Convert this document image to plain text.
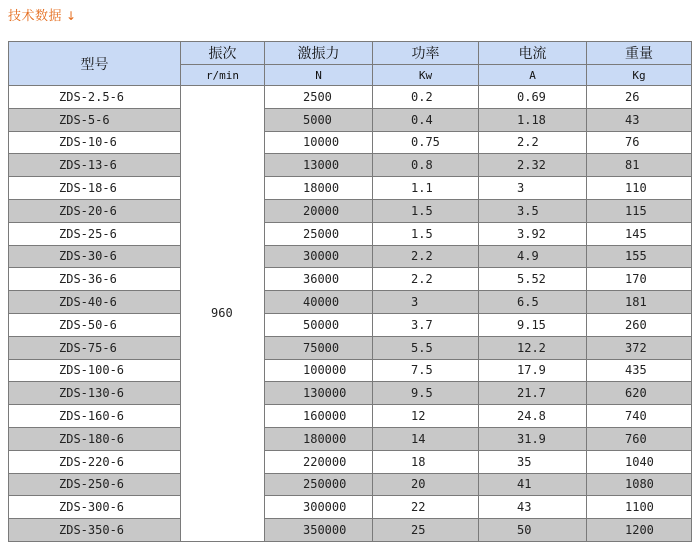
技术数据 ↓
型号	振次	激振力	功率	电流	重量
	r/min	N	Kw	A	Kg
ZDS-2.5-6	960	2500	0.2	0.69	26
ZDS-5-6		5000	0.4	1.18	43
ZDS-10-6		10000	0.75	2.2	76
ZDS-13-6		13000	0.8	2.32	81
ZDS-18-6		18000	1.1	3	110
ZDS-20-6		20000	1.5	3.5	115
ZDS-25-6		25000	1.5	3.92	145
ZDS-30-6		30000	2.2	4.9	155
ZDS-36-6		36000	2.2	5.52	170
ZDS-40-6		40000	3	6.5	181
ZDS-50-6		50000	3.7	9.15	260
ZDS-75-6		75000	5.5	12.2	372
ZDS-100-6		100000	7.5	17.9	435
ZDS-130-6		130000	9.5	21.7	620
ZDS-160-6		160000	12	24.8	740
ZDS-180-6		180000	14	31.9	760
ZDS-220-6		220000	18	35	1040
ZDS-250-6		250000	20	41	1080
ZDS-300-6		300000	22	43	1100
ZDS-350-6		350000	25	50	1200
